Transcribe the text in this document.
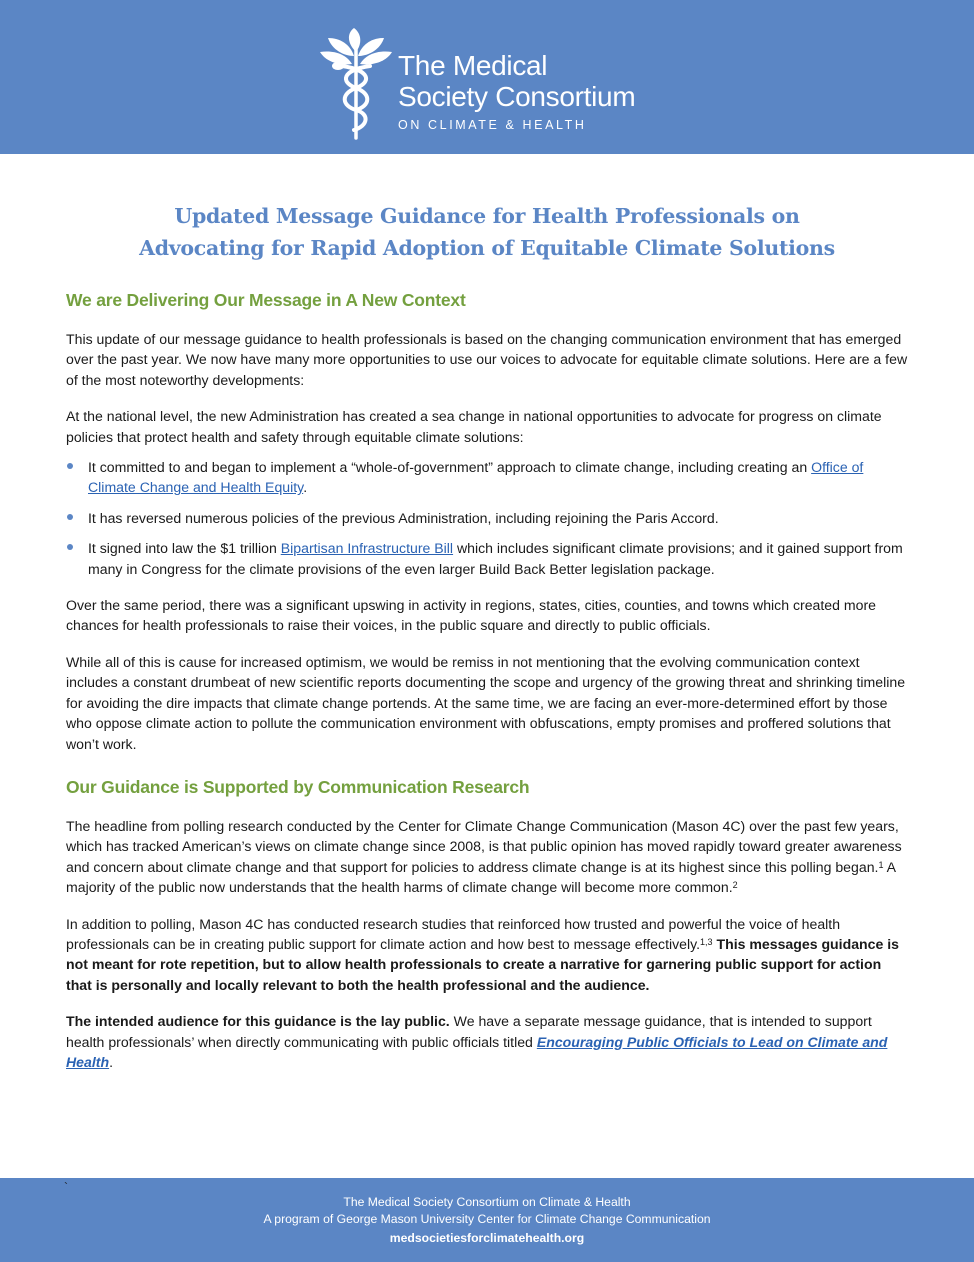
The Medical
Society Consortium
ON CLIMATE & HEALTH
Updated Message Guidance for Health Professionals on
Advocating for Rapid Adoption of Equitable Climate Solutions
We are Delivering Our Message in A New Context

This update of our message guidance to health professionals is based on the changing communication environment that has emerged over the past year. We now have many more opportunities to use our voices to advocate for equitable climate solutions. Here are a few of the most noteworthy developments:

At the national level, the new Administration has created a sea change in national opportunities to advocate for progress on climate policies that protect health and safety through equitable climate solutions:

It committed to and began to implement a “whole-of-government” approach to climate change, including creating an Office of Climate Change and Health Equity.
It has reversed numerous policies of the previous Administration, including rejoining the Paris Accord.
It signed into law the $1 trillion Bipartisan Infrastructure Bill which includes significant climate provisions; and it gained support from many in Congress for the climate provisions of the even larger Build Back Better legislation package.

Over the same period, there was a significant upswing in activity in regions, states, cities, counties, and towns which created more chances for health professionals to raise their voices, in the public square and directly to public officials.

While all of this is cause for increased optimism, we would be remiss in not mentioning that the evolving communication context includes a constant drumbeat of new scientific reports documenting the scope and urgency of the growing threat and shrinking timeline for avoiding the dire impacts that climate change portends. At the same time, we are facing an ever-more-determined effort by those who oppose climate action to pollute the communication environment with obfuscations, empty promises and proffered solutions that won’t work.

Our Guidance is Supported by Communication Research

The headline from polling research conducted by the Center for Climate Change Communication (Mason 4C) over the past few years, which has tracked American’s views on climate change since 2008, is that public opinion has moved rapidly toward greater awareness and concern about climate change and that support for policies to address climate change is at its highest since this polling began.$^1$ A majority of the public now understands that the health harms of climate change will become more common.$^2$

In addition to polling, Mason 4C has conducted research studies that reinforced how trusted and powerful the voice of health professionals can be in creating public support for climate action and how best to message effectively.$^{1,3}$ This messages guidance is not meant for rote repetition, but to allow health professionals to create a narrative for garnering public support for action that is personally and locally relevant to both the health professional and the audience.

The intended audience for this guidance is the lay public. We have a separate message guidance, that is intended to support health professionals’ when directly communicating with public officials titled Encouraging Public Officials to Lead on Climate and Health.

`
The Medical Society Consortium on Climate & Health
A program of George Mason University Center for Climate Change Communication
medsocietiesforclimatehealth.org
